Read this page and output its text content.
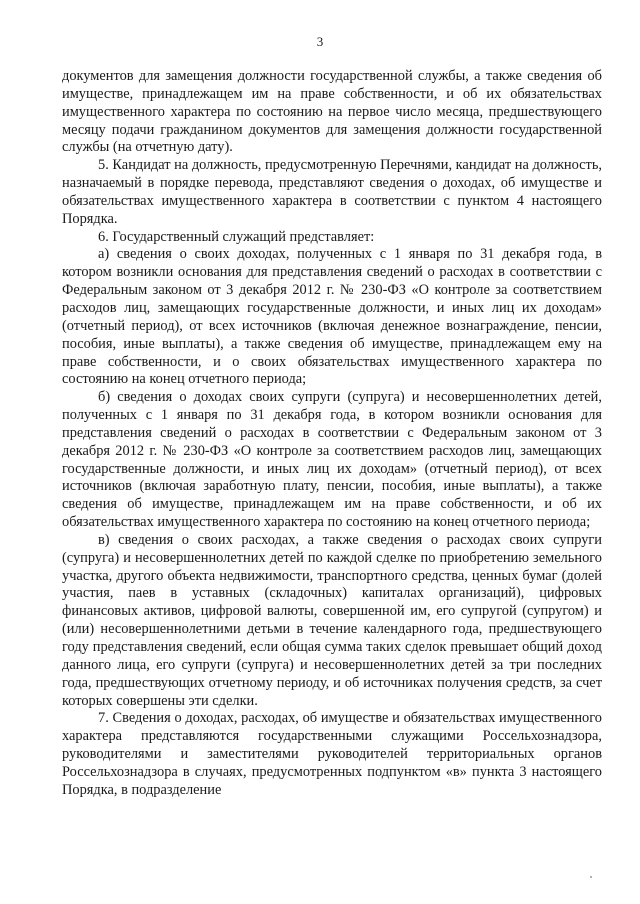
3

документов для замещения должности государственной службы, а также сведения об имуществе, принадлежащем им на праве собственности, и об их обязательствах имущественного характера по состоянию на первое число месяца, предшествующего месяцу подачи гражданином документов для замещения должности государственной службы (на отчетную дату).

5. Кандидат на должность, предусмотренную Перечнями, кандидат на должность, назначаемый в порядке перевода, представляют сведения о доходах, об имуществе и обязательствах имущественного характера в соответствии с пунктом 4 настоящего Порядка.

6. Государственный служащий представляет:

а) сведения о своих доходах, полученных с 1 января по 31 декабря года, в котором возникли основания для представления сведений о расходах в соответствии с Федеральным законом от 3 декабря 2012 г. № 230-ФЗ «О контроле за соответствием расходов лиц, замещающих государственные должности, и иных лиц их доходам» (отчетный период), от всех источников (включая денежное вознаграждение, пенсии, пособия, иные выплаты), а также сведения об имуществе, принадлежащем ему на праве собственности, и о своих обязательствах имущественного характера по состоянию на конец отчетного периода;

б) сведения о доходах своих супруги (супруга) и несовершеннолетних детей, полученных с 1 января по 31 декабря года, в котором возникли основания для представления сведений о расходах в соответствии с Федеральным законом от 3 декабря 2012 г. № 230-ФЗ «О контроле за соответствием расходов лиц, замещающих государственные должности, и иных лиц их доходам» (отчетный период), от всех источников (включая заработную плату, пенсии, пособия, иные выплаты), а также сведения об имуществе, принадлежащем им на праве собственности, и об их обязательствах имущественного характера по состоянию на конец отчетного периода;

в) сведения о своих расходах, а также сведения о расходах своих супруги (супруга) и несовершеннолетних детей по каждой сделке по приобретению земельного участка, другого объекта недвижимости, транспортного средства, ценных бумаг (долей участия, паев в уставных (складочных) капиталах организаций), цифровых финансовых активов, цифровой валюты, совершенной им, его супругой (супругом) и (или) несовершеннолетними детьми в течение календарного года, предшествующего году представления сведений, если общая сумма таких сделок превышает общий доход данного лица, его супруги (супруга) и несовершеннолетних детей за три последних года, предшествующих отчетному периоду, и об источниках получения средств, за счет которых совершены эти сделки.

7. Сведения о доходах, расходах, об имуществе и обязательствах имущественного характера представляются государственными служащими Россельхознадзора, руководителями и заместителями руководителей территориальных органов Россельхознадзора в случаях, предусмотренных подпунктом «в» пункта 3 настоящего Порядка, в подразделение
